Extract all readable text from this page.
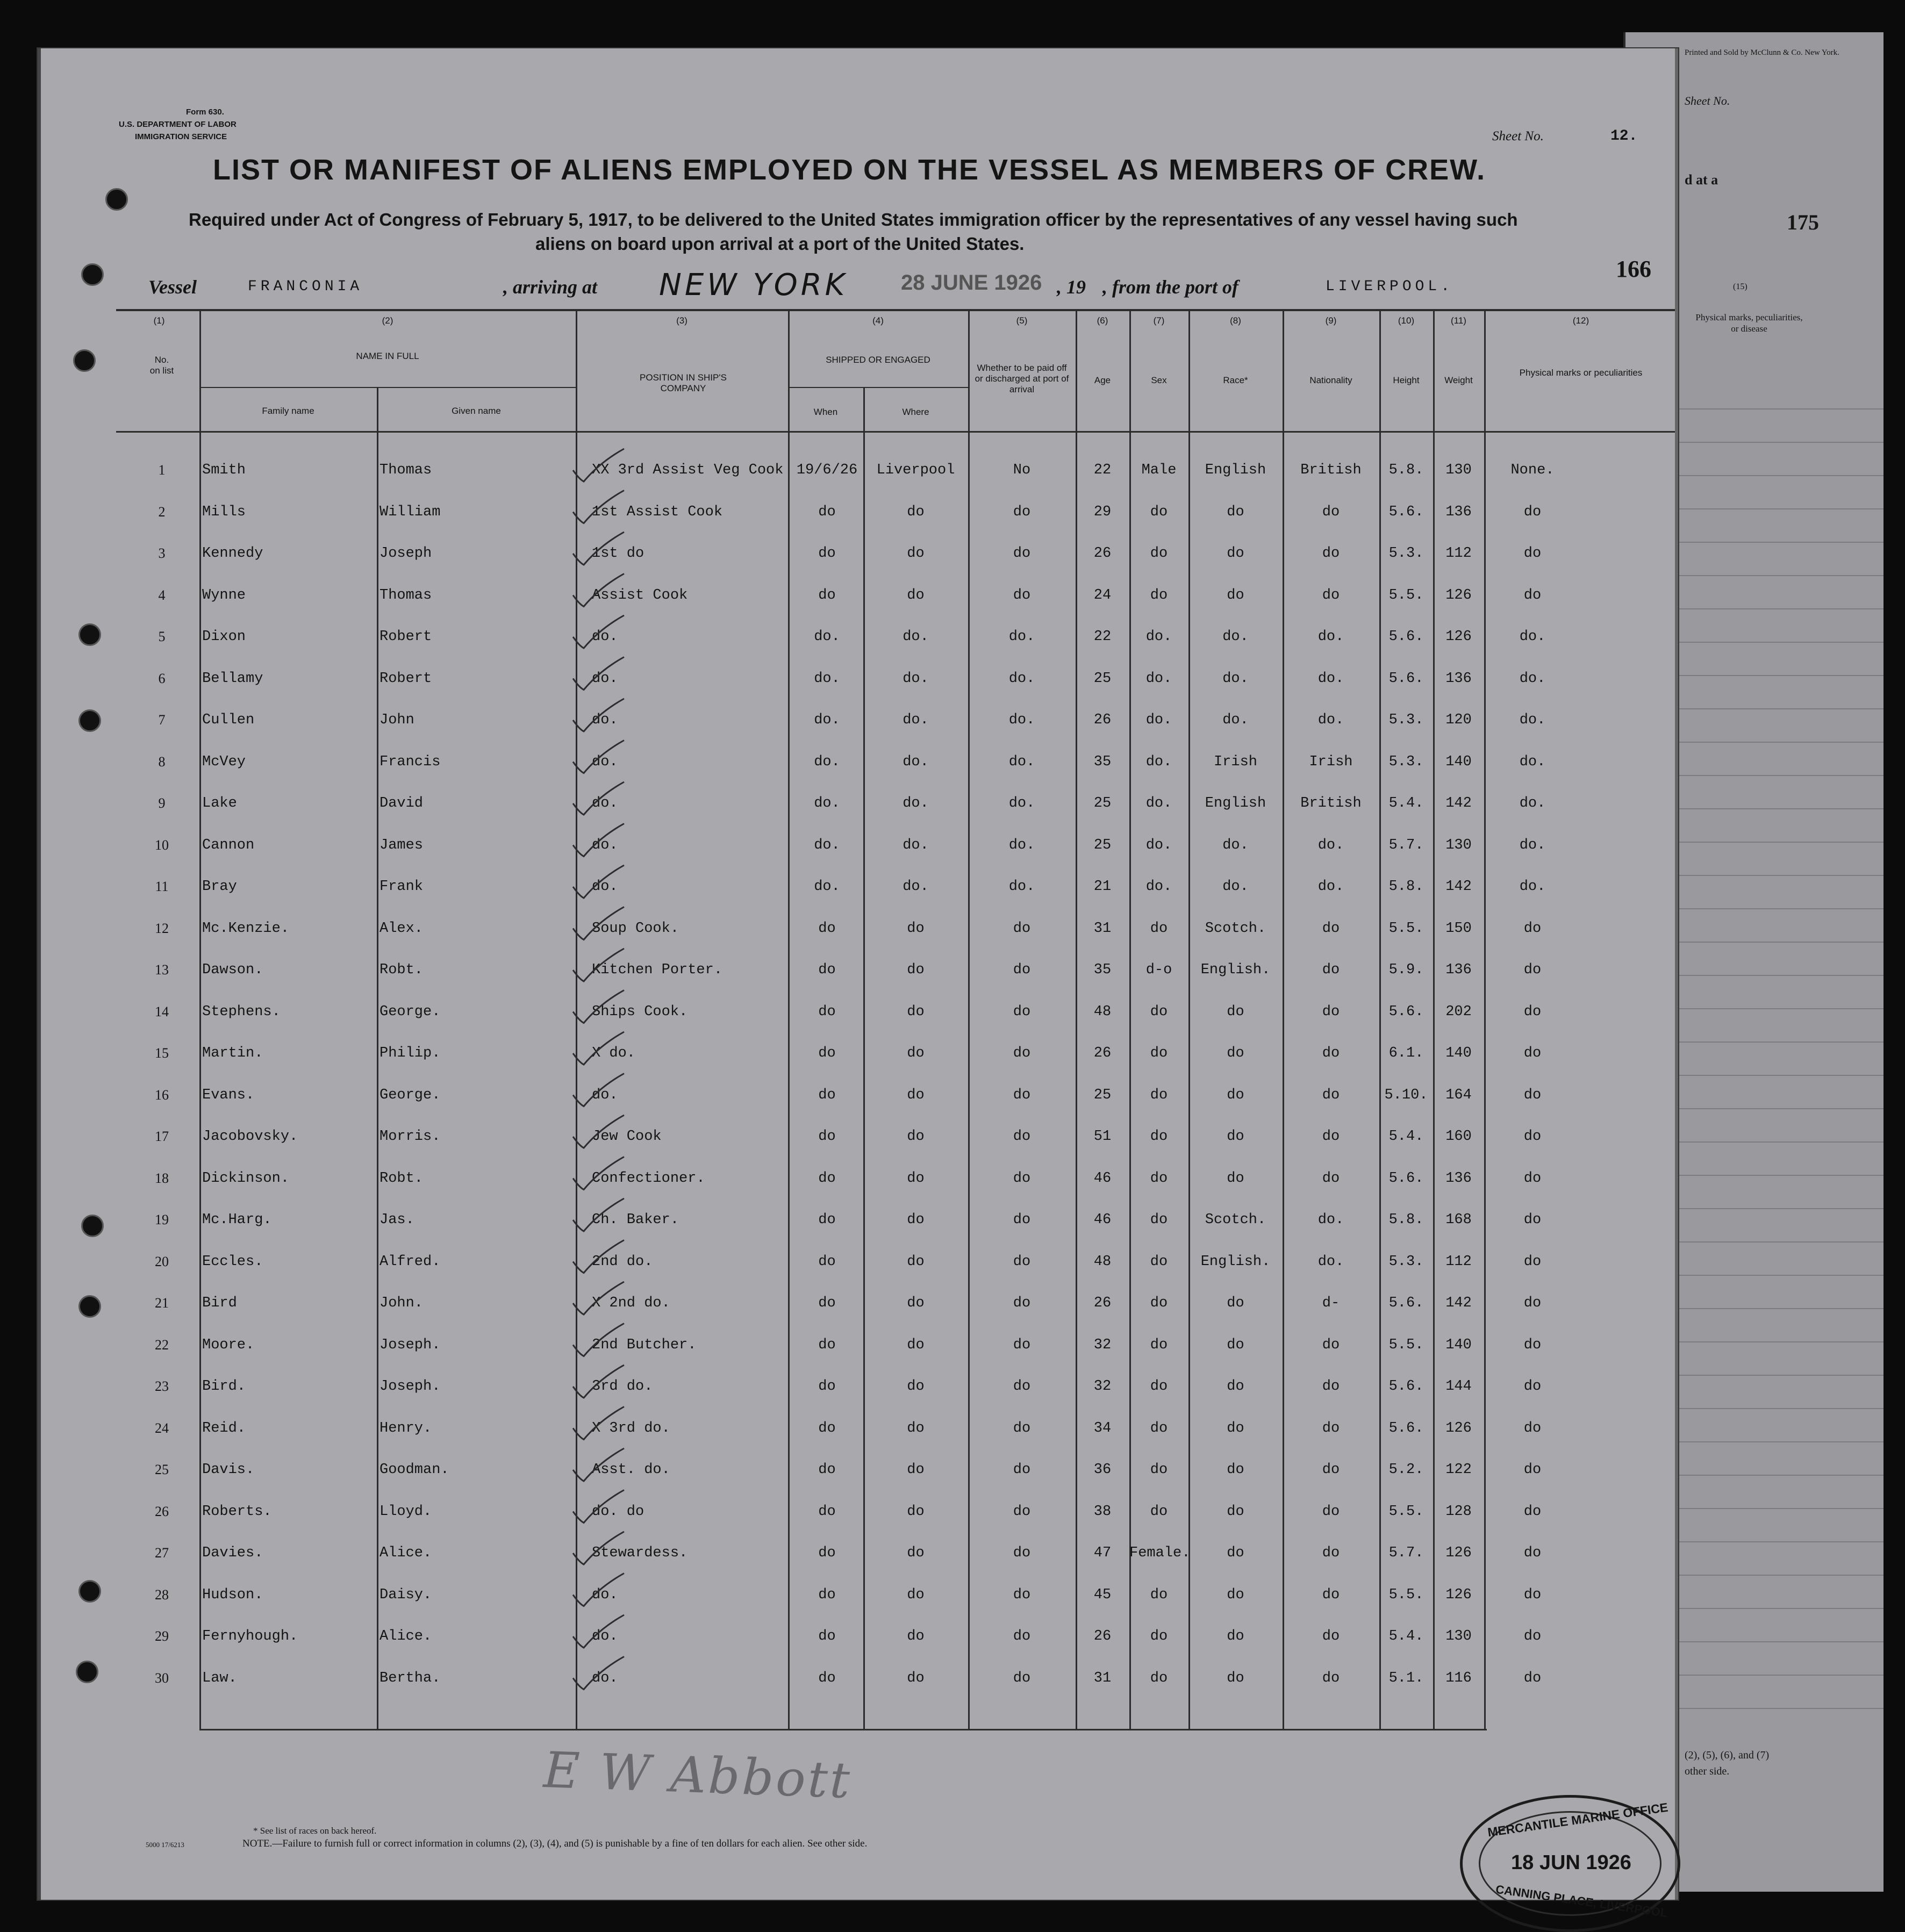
Printed and Sold by McClunn & Co. New York.
Sheet No.
d at a
175
(15)
Physical marks, peculiarities, or disease
(2), (5), (6), and (7)
other side.
Form 630.
U.S. DEPARTMENT OF LABOR
IMMIGRATION SERVICE	Sheet No.	12.
LIST OR MANIFEST OF ALIENS EMPLOYED ON THE VESSEL AS MEMBERS OF CREW.
Required under Act of Congress of February 5, 1917, to be delivered to the United States immigration officer by the representatives of any vessel having such
aliens on board upon arrival at a port of the United States.
166
Vessel	FRANCONIA	, arriving at NEW YORK 28 JUNE 1926 , 19 , from the port of	LIVERPOOL.
(1)
No. on list
(2)
NAME IN FULL
Family name	Given name
(3)
POSITION IN SHIP'S COMPANY
(4)
SHIPPED OR ENGAGED
When	Where
(5)
Whether to be paid off or discharged at port of arrival
(6)
Age
(7)
Sex
(8)
Race*
(9)
Nationality
(10)
Height
(11)
Weight
(12)
Physical marks or peculiarities
1	Smith	Thomas	XX 3rd Assist Veg Cook 19/6/26	Liverpool	No	22	Male	English	British	5.8.	130	None.
2	Mills	William	1st Assist Cook	do	do	do	29	do	do	do	5.6.	136	do
3	Kennedy	Joseph	1st do	do	do	do	26	do	do	do	5.3.	112	do
4	Wynne	Thomas	Assist Cook	do	do	do	24	do	do	do	5.5.	126	do
5	Dixon	Robert	do.	do.	do.	do.	22	do.	do.	do.	5.6.	126	do.
6	Bellamy	Robert	do.	do.	do.	do.	25	do.	do.	do.	5.6.	136	do.
7	Cullen	John	do.	do.	do.	do.	26	do.	do.	do.	5.3.	120	do.
8	McVey	Francis	do.	do.	do.	do.	35	do.	Irish	Irish	5.3.	140	do.
9	Lake	David	do.	do.	do.	do.	25	do.	English	British	5.4.	142	do.
10	Cannon	James	do.	do.	do.	do.	25	do.	do.	do.	5.7.	130	do.
11	Bray	Frank	do.	do.	do.	do.	21	do.	do.	do.	5.8.	142	do.
12	Mc.Kenzie.	Alex.	Soup Cook.	do	do	do	31	do	Scotch.	do	5.5.	150	do
13	Dawson.	Robt.	Kitchen Porter.	do	do	do	35	d-o	English.	do	5.9.	136	do
14	Stephens.	George.	Ships Cook.	do	do	do	48	do	do	do	5.6.	202	do
15	Martin.	Philip.	X do.	do	do	do	26	do	do	do	6.1.	140	do
16	Evans.	George.	do.	do	do	do	25	do	do	do	5.10.	164	do
17	Jacobovsky.	Morris.	Jew Cook	do	do	do	51	do	do	do	5.4.	160	do
18	Dickinson.	Robt.	Confectioner.	do	do	do	46	do	do	do	5.6.	136	do
19	Mc.Harg.	Jas.	Ch. Baker.	do	do	do	46	do	Scotch.	do.	5.8.	168	do
20	Eccles.	Alfred.	2nd do.	do	do	do	48	do	English.	do.	5.3.	112	do
21	Bird	John.	X 2nd do.	do	do	do	26	do	do	d-	5.6.	142	do
22	Moore.	Joseph.	2nd Butcher.	do	do	do	32	do	do	do	5.5.	140	do
23	Bird.	Joseph.	3rd do.	do	do	do	32	do	do	do	5.6.	144	do
24	Reid.	Henry.	X 3rd do.	do	do	do	34	do	do	do	5.6.	126	do
25	Davis.	Goodman.	Asst. do.	do	do	do	36	do	do	do	5.2.	122	do
26	Roberts.	Lloyd.	do. do	do	do	do	38	do	do	do	5.5.	128	do
27	Davies.	Alice.	Stewardess.	do	do	do	47	Female.	do	do	5.7.	126	do
28	Hudson.	Daisy.	do.	do	do	do	45	do	do	do	5.5.	126	do
29	Fernyhough.	Alice.	do.	do	do	do	26	do	do	do	5.4.	130	do
30	Law.	Bertha.	do.	do	do	do	31	do	do	do	5.1.	116	do
E W Abbott
* See list of races on back hereof.
NOTE.—Failure to furnish full or correct information in columns (2), (3), (4), and (5) is punishable by a fine of ten dollars for each alien. See other side.
5000 17/6213
MERCANTILE MARINE OFFICE
18 JUN 1926
CANNING PLACE, LIVERPOOL
